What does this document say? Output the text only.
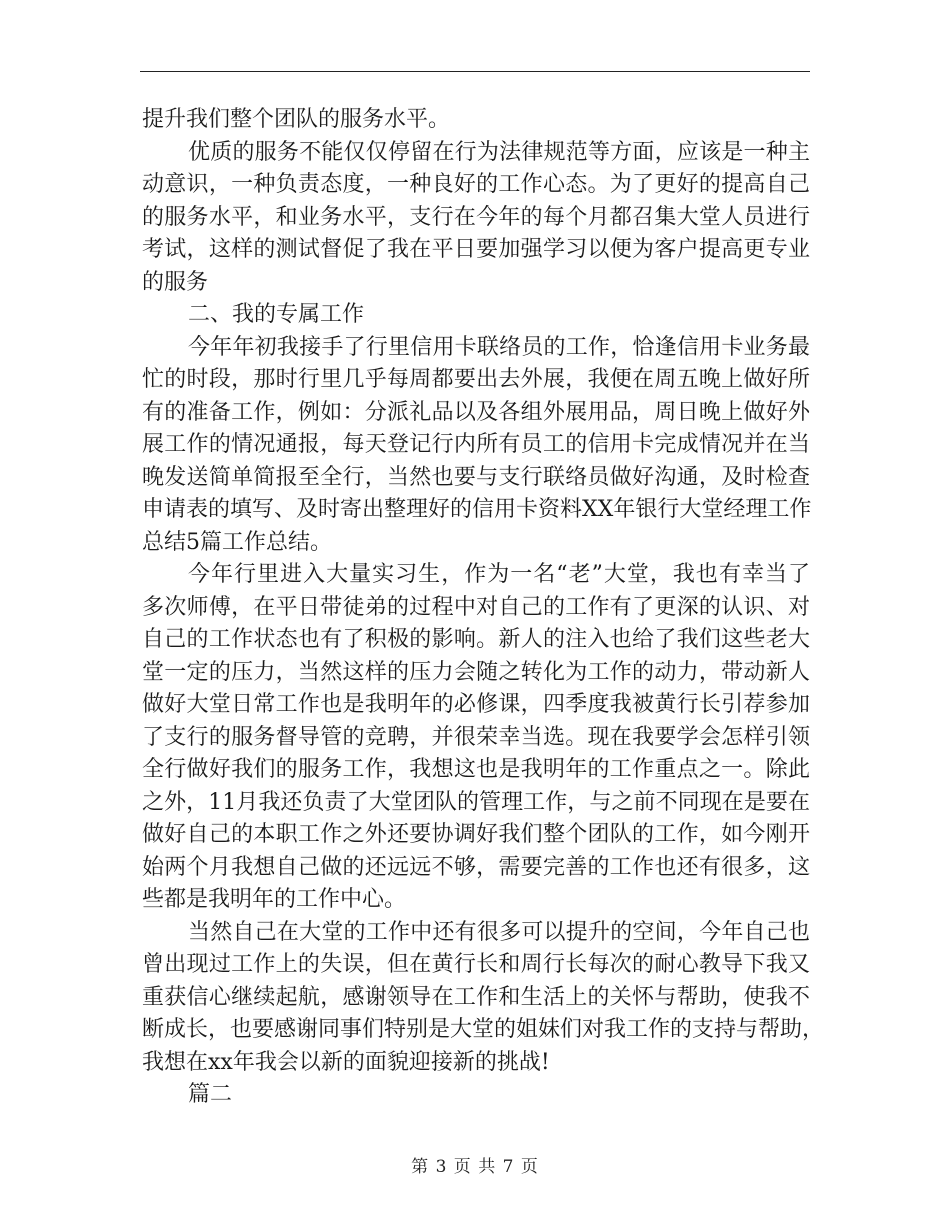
提升我们整个团队的服务水平。
优质的服务不能仅仅停留在行为法律规范等方面，应该是一种主
动意识，一种负责态度，一种良好的工作心态。为了更好的提高自己
的服务水平，和业务水平，支行在今年的每个月都召集大堂人员进行
考试，这样的测试督促了我在平日要加强学习以便为客户提高更专业
的服务
二、我的专属工作
今年年初我接手了行里信用卡联络员的工作，恰逢信用卡业务最
忙的时段，那时行里几乎每周都要出去外展，我便在周五晚上做好所
有的准备工作，例如：分派礼品以及各组外展用品，周日晚上做好外
展工作的情况通报，每天登记行内所有员工的信用卡完成情况并在当
晚发送简单简报至全行，当然也要与支行联络员做好沟通，及时检查
申请表的填写、及时寄出整理好的信用卡资料XX年银行大堂经理工作
总结5篇工作总结。
今年行里进入大量实习生，作为一名“老”大堂，我也有幸当了
多次师傅，在平日带徒弟的过程中对自己的工作有了更深的认识、对
自己的工作状态也有了积极的影响。新人的注入也给了我们这些老大
堂一定的压力，当然这样的压力会随之转化为工作的动力，带动新人
做好大堂日常工作也是我明年的必修课，四季度我被黄行长引荐参加
了支行的服务督导管的竞聘，并很荣幸当选。现在我要学会怎样引领
全行做好我们的服务工作，我想这也是我明年的工作重点之一。除此
之外，11月我还负责了大堂团队的管理工作，与之前不同现在是要在
做好自己的本职工作之外还要协调好我们整个团队的工作，如今刚开
始两个月我想自己做的还远远不够，需要完善的工作也还有很多，这
些都是我明年的工作中心。
当然自己在大堂的工作中还有很多可以提升的空间，今年自己也
曾出现过工作上的失误，但在黄行长和周行长每次的耐心教导下我又
重获信心继续起航，感谢领导在工作和生活上的关怀与帮助，使我不
断成长，也要感谢同事们特别是大堂的姐妹们对我工作的支持与帮助，
我想在xx年我会以新的面貌迎接新的挑战!
篇二
第 3 页 共 7 页
